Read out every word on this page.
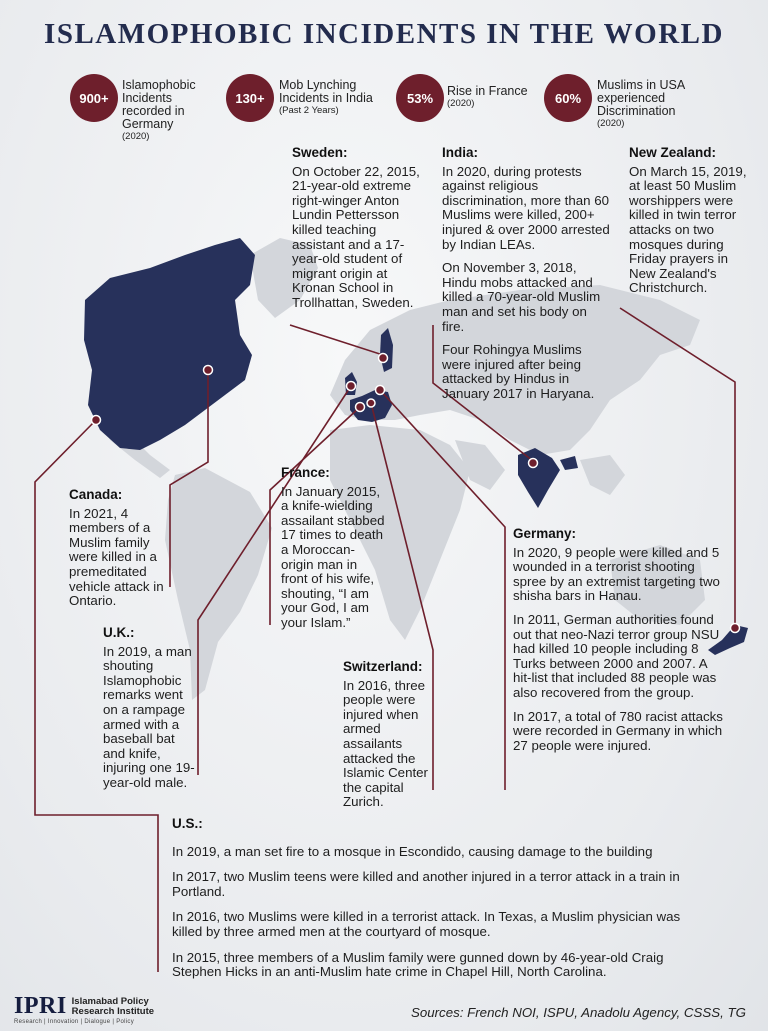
ISLAMOPHOBIC INCIDENTS IN THE WORLD
900+
Islamophobic Incidents recorded in Germany
(2020)
130+
Mob Lynching Incidents in India
(Past 2 Years)
53%	Rise in France
(2020)	60%
Muslims in USA experienced Discrimination
(2020)
Sweden:

On October 22, 2015, 21-year-old extreme right-winger Anton Lundin Pettersson killed teaching assistant and a 17-year-old student of migrant origin at Kronan School in Trollhattan, Sweden.

India:

In 2020, during protests against religious discrimination, more than 60 Muslims were killed, 200+ injured & over 2000 arrested by Indian LEAs.

On November 3, 2018, Hindu mobs attacked and killed a 70-year-old Muslim man and set his body on fire.

Four Rohingya Muslims were injured after being attacked by Hindus in January 2017 in Haryana.

New Zealand:

On March 15, 2019, at least 50 Muslim worshippers were killed in twin terror attacks on two mosques during Friday prayers in New Zealand's Christchurch.

Canada:

In 2021, 4 members of a Muslim family were killed in a premeditated vehicle attack in Ontario.

France:

In January 2015, a knife-wielding assailant stabbed 17 times to death a Moroccan-origin man in front of his wife, shouting, “I am your God, I am your Islam.”

Germany:

In 2020, 9 people were killed and 5 wounded in a terrorist shooting spree by an extremist targeting two shisha bars in Hanau.

In 2011, German authorities found out that neo-Nazi terror group NSU had killed 10 people including 8 Turks between 2000 and 2007. A hit-list that included 88 people was also recovered from the group.

In 2017, a total of 780 racist attacks were recorded in Germany in which 27 people were injured.

U.K.:

In 2019, a man shouting Islamophobic remarks went on a rampage armed with a baseball bat and knife, injuring one 19-year-old male.

Switzerland:

In 2016, three people were injured when armed assailants attacked the Islamic Center the capital Zurich.

U.S.:

In 2019, a man set fire to a mosque in Escondido, causing damage to the building

In 2017, two Muslim teens were killed and another injured in a terror attack in a train in Portland.

In 2016, two Muslims were killed in a terrorist attack. In Texas, a Muslim physician was killed by three armed men at the courtyard of mosque.

In 2015, three members of a Muslim family were gunned down by 46-year-old Craig Stephen Hicks in an anti-Muslim hate crime in Chapel Hill, North Carolina.

IPRI Islamabad Policy
Research Institute
Research | Innovation | Dialogue | Policy
Sources: French NOI, ISPU, Anadolu Agency, CSSS, TG
